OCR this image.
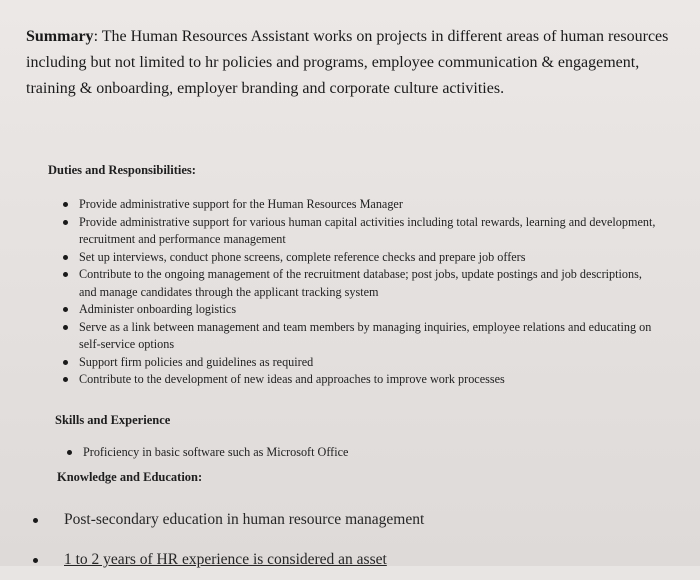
Summary: The Human Resources Assistant works on projects in different areas of human resources including but not limited to hr policies and programs, employee communication & engagement, training & onboarding, employer branding and corporate culture activities.

Duties and Responsibilities:
Provide administrative support for the Human Resources Manager
Provide administrative support for various human capital activities including total rewards, learning and development, recruitment and performance management
Set up interviews, conduct phone screens, complete reference checks and prepare job offers
Contribute to the ongoing management of the recruitment database; post jobs, update postings and job descriptions, and manage candidates through the applicant tracking system
Administer onboarding logistics
Serve as a link between management and team members by managing inquiries, employee relations and educating on self-service options
Support firm policies and guidelines as required
Contribute to the development of new ideas and approaches to improve work processes
Skills and Experience
Proficiency in basic software such as Microsoft Office
Knowledge and Education:
Post-secondary education in human resource management
1 to 2 years of HR experience is considered an asset
